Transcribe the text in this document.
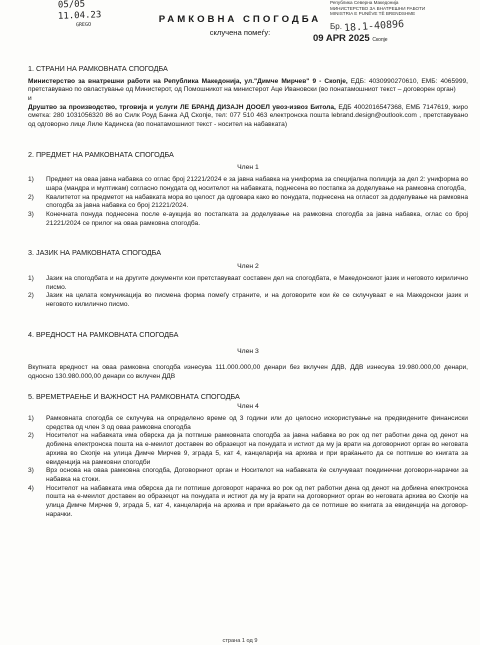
05/05
11.04.23
GREGO
Република Северна Македонија
МИНИСТЕРСТВО ЗА ВНАТРЕШНИ РАБОТИ
MINISTRIA E PUNËVE TË BRENDSHME
Бр. 18.1-40896
09 APR 2025 Скопје
РАМКОВНА СПОГОДБА
склучена помеѓу:
1. СТРАНИ НА РАМКОВНАТА СПОГОДБА

Министерство за внатрешни работи на Република Македонија, ул."Димче Мирчев" 9 - Скопје, ЕДБ: 4030990270610, ЕМБ: 4065999, претставувано по овластување од Министерот, од Помошникот на министерот Аце Ивановски (во понатамошниот текст – договорен орган)

и

Друштво за производство, трговија и услуги ЛЕ БРАНД ДИЗАЈН ДООЕЛ увоз-извоз Битола, ЕДБ 4002016547368, ЕМБ 7147619, жиро сметка: 280 1031056320 86 во Силк Роуд Банка АД Скопје, тел: 077 510 463 електронска пошта lebrand.design@outlook.com , претставувано од одговорно лице Лиле Кадинска (во понатамошниот текст - носител на набавката)

2. ПРЕДМЕТ НА РАМКОВНАТА СПОГОДБА
Член 1
1)	Предмет на оваа јавна набавка со оглас број 21221/2024 е за јавна набавка на униформа за специјална полиција за дел 2: униформа во шара (мандра и мултикам) согласно понудата од носителот на набавката, поднесена во постапка за доделување на рамковна спогодба,
2)	Квалитетот на предметот на набавката мора во целост да одговара како во понудата, поднесена на огласот за доделување на рамковна спогодба за јавна набавка со број 21221/2024.
3)	Конечната понуда поднесена после е-аукција во постапката за доделување на рамковна спогодба за јавна набавка, оглас со број 21221/2024 се прилог на оваа рамковна спогодба.
3. ЈАЗИК НА РАМКОВНАТА СПОГОДБА
Член 2
1)	Јазик на спогодбата и на другите документи кои претставуваат составен дел на спогодбата, е Македонскиот јазик и неговото кирилично писмо.
2)	Јазик на целата комуникација во писмена форма помеѓу страните, и на договорите кои ќе се склучуваат е на Македонски јазик и неговото килилично писмо.
4. ВРЕДНОСТ НА РАМКОВНАТА СПОГОДБА
Член 3

Вкупната вредност на оваа рамковна спогодба изнесува 111.000.000,00 денари без вклучен ДДВ, ДДВ изнесува 19.980.000,00 денари, односно 130.980.000,00 денари со вклучен ДДВ

5. ВРЕМЕТРАЕЊЕ И ВАЖНОСТ НА РАМКОВНАТА СПОГОДБА
Член 4
1)	Рамковната спогодба се склучува на определено време од 3 години или до целосно искористување на предвидените финансиски средства од член 3 од оваа рамковна спогодба
2)	Носителот на набавката има обврска да ја потпише рамковната спогодба за јавна набавка во рок од пет работни дена од денот на добиена електронска пошта на е-меилот доставен во образецот на понудата и истиот да му ја врати на договорниот орган во неговата архива во Скопје на улица Димче Мирчев 9, зграда 5, кат 4, канцеларија на архива и при враќањето да се потпише во книгата за евиденција на рамковни спогодби
3)	Врз основа на оваа рамковна спогодба, Договорниот орган и Носителот на набавката ќе склучуваат поединечни договори-нарачки за набавка на стоки.
4)	Носителот на набавката има обврска да ги потпише договорот нарачка во рок од пет работни дена од денот на добиена електронска пошта на е-меилот доставен во образецот на понудата и истиот да му ја врати на договорниот орган во неговата архива во Скопје на улица Димче Мирчев 9, зграда 5, кат 4, канцеларија на архива и при враќањето да се потпише во книгата за евиденција на договор-нарачки.
страна 1 од 9
